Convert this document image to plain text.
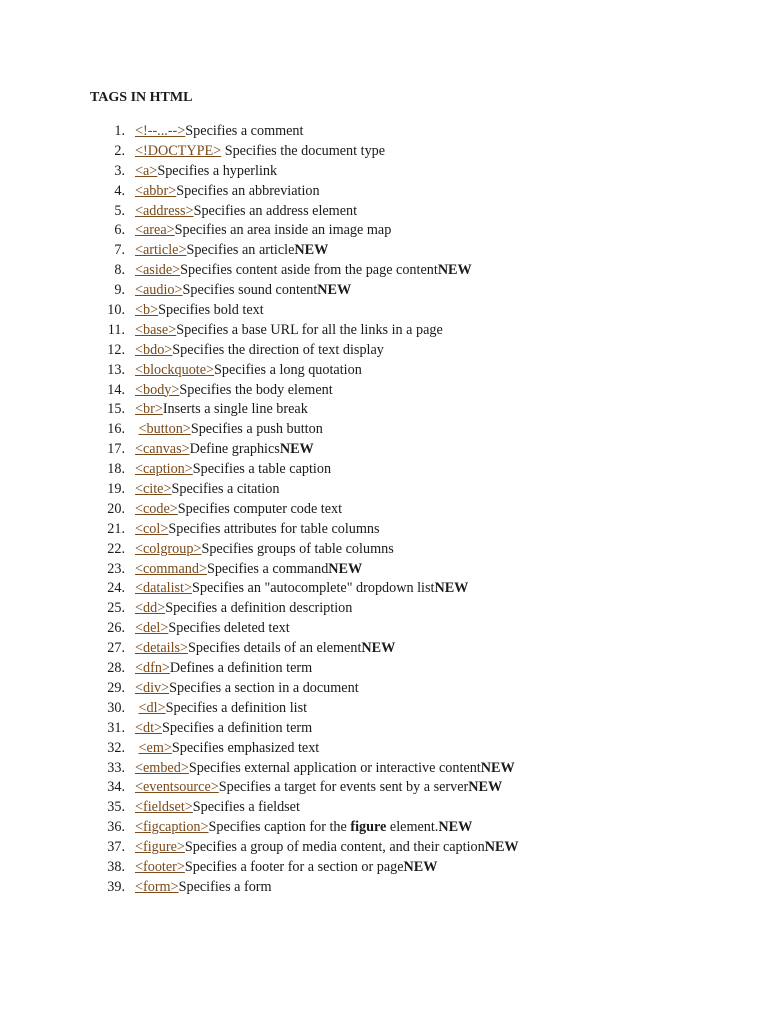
TAGS IN HTML
1. <!--...-->Specifies a comment
2. <!DOCTYPE> Specifies the document type
3. <a>Specifies a hyperlink
4. <abbr>Specifies an abbreviation
5. <address>Specifies an address element
6. <area>Specifies an area inside an image map
7. <article>Specifies an articleNEW
8. <aside>Specifies content aside from the page contentNEW
9. <audio>Specifies sound contentNEW
10. <b>Specifies bold text
11. <base>Specifies a base URL for all the links in a page
12. <bdo>Specifies the direction of text display
13. <blockquote>Specifies a long quotation
14. <body>Specifies the body element
15. <br>Inserts a single line break
16. <button>Specifies a push button
17. <canvas>Define graphicsNEW
18. <caption>Specifies a table caption
19. <cite>Specifies a citation
20. <code>Specifies computer code text
21. <col>Specifies attributes for table columns
22. <colgroup>Specifies groups of table columns
23. <command>Specifies a commandNEW
24. <datalist>Specifies an "autocomplete" dropdown listNEW
25. <dd>Specifies a definition description
26. <del>Specifies deleted text
27. <details>Specifies details of an elementNEW
28. <dfn>Defines a definition term
29. <div>Specifies a section in a document
30. <dl>Specifies a definition list
31. <dt>Specifies a definition term
32. <em>Specifies emphasized text
33. <embed>Specifies external application or interactive contentNEW
34. <eventsource>Specifies a target for events sent by a serverNEW
35. <fieldset>Specifies a fieldset
36. <figcaption>Specifies caption for the figure element.NEW
37. <figure>Specifies a group of media content, and their captionNEW
38. <footer>Specifies a footer for a section or pageNEW
39. <form>Specifies a form
